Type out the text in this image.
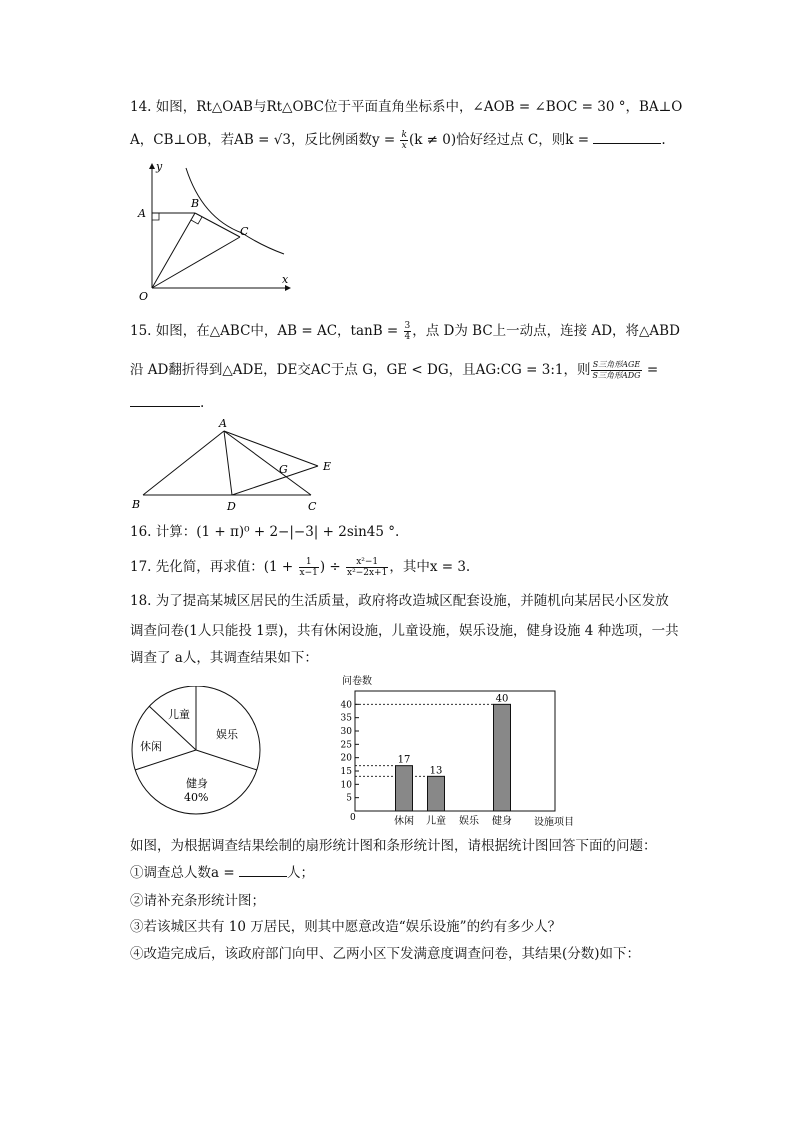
14. 如图，Rt△OAB与Rt△OBC位于平面直角坐标系中，∠AOB = ∠BOC = 30 °，BA⊥O
A，CB⊥OB，若AB = √3，反比例函数$y = \frac{k}{x} (k \ne 0)$恰好经过点 C，则k =	.
y
x
O
A
B
C
15. 如图，在△ABC中，AB = AC，$\tan B = \frac{3}{4}$ ，点 D为 BC上一动点，连接 AD，将△ABD
沿 AD翻折得到△ADE，DE交AC于点 G，GE < DG，且AG:CG = 3:1，则 $\frac{\text{S三角形AGE}}{\text{S三角形ADG}}$ =
.
A
B	C
D
E
G
16. 计算：(1 + π)⁰ + 2−|−3| + 2sin45 °.
17. 先化简，再求值：($1 + \frac{1}{x-1}$ ) ÷ $\frac{\text{x²−1}}{\text{x²−2x+1}}$ ，其中x = 3.
18. 为了提高某城区居民的生活质量，政府将改造城区配套设施，并随机向某居民小区发放
调查问卷(1人只能投 1票)，共有休闲设施，儿童设施，娱乐设施，健身设施 4 种选项，一共
调查了 a人，其调查结果如下：
儿童
休闲
娱乐
健身
40%
问卷数
0	设施项目
5
10
15
20
25
30
35
40
17
13
40
休闲 儿童 娱乐 健身
如图，为根据调查结果绘制的扇形统计图和条形统计图，请根据统计图回答下面的问题：
①调查总人数a =	人；
②请补充条形统计图；
③若该城区共有 10 万居民，则其中愿意改造“娱乐设施”的约有多少人？
④改造完成后，该政府部门向甲、乙两小区下发满意度调查问卷，其结果(分数)如下：
